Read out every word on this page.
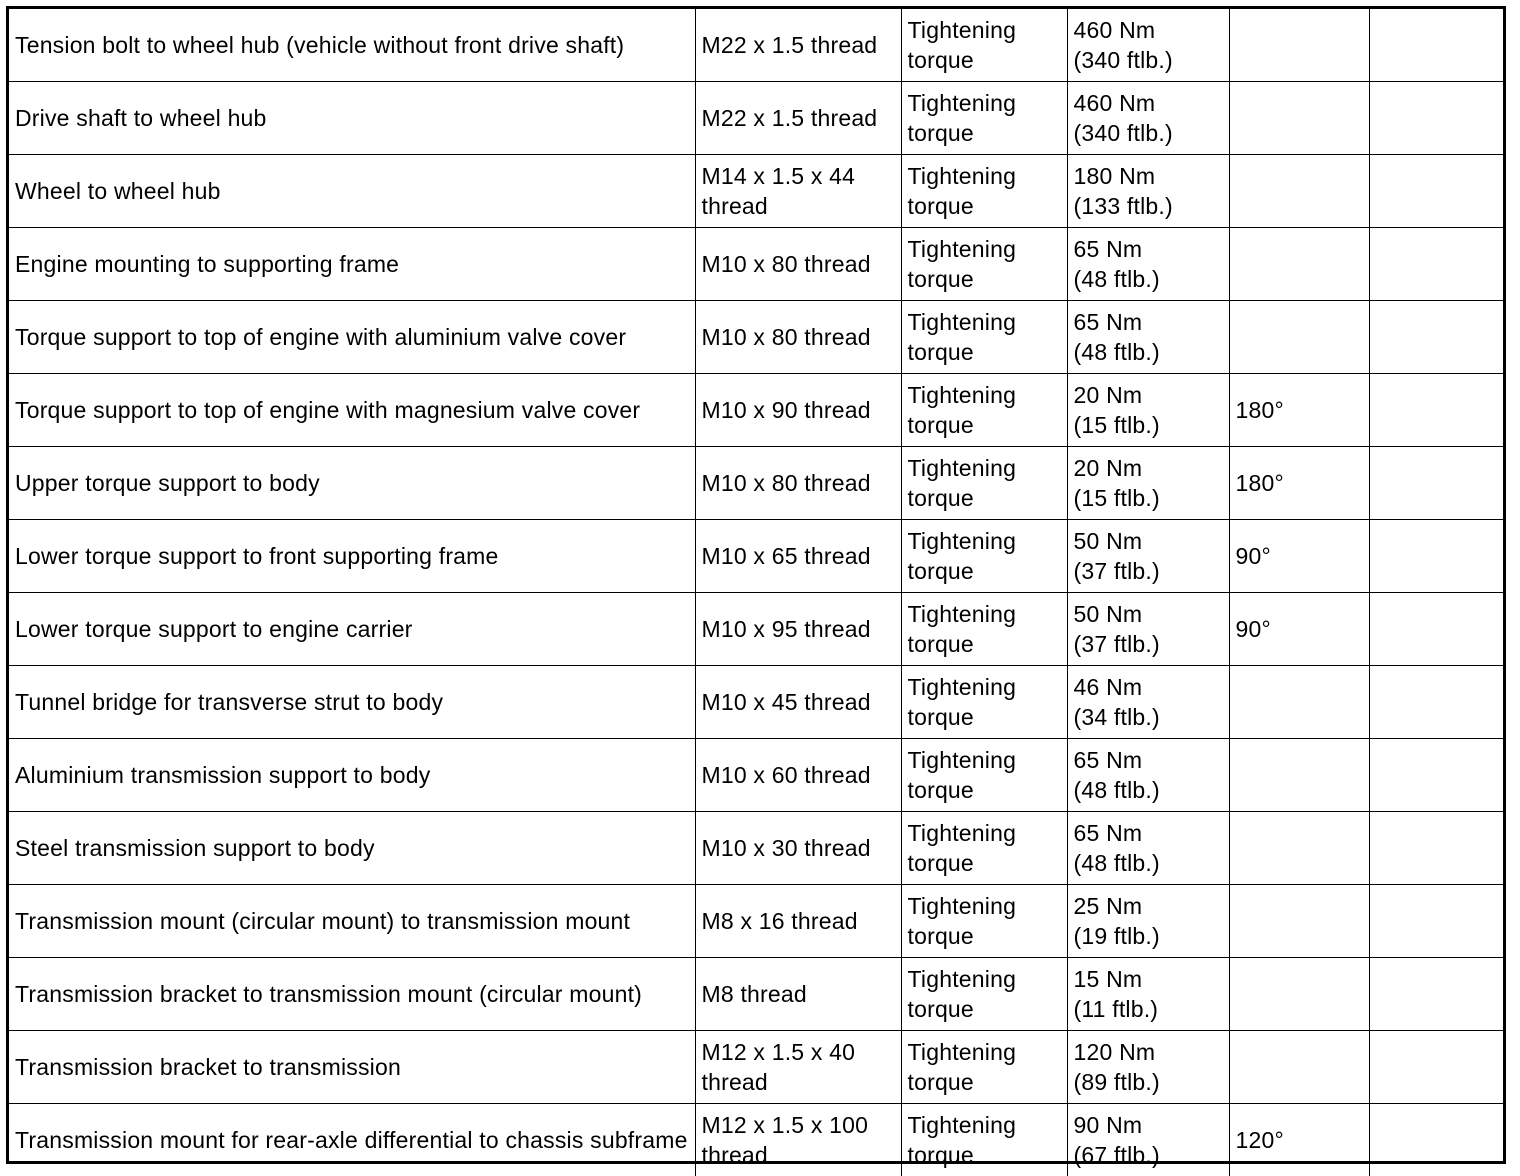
Tension bolt to wheel hub (vehicle without front drive shaft)	M22 x 1.5 thread	Tightening
torque	460 Nm
(340 ftlb.)		

Drive shaft to wheel hub	M22 x 1.5 thread	Tightening
torque	460 Nm
(340 ftlb.)		

Wheel to wheel hub	M14 x 1.5 x 44 thread	Tightening
torque	180 Nm
(133 ftlb.)		

Engine mounting to supporting frame	M10 x 80 thread	Tightening
torque	65 Nm
(48 ftlb.)		

Torque support to top of engine with aluminium valve cover	M10 x 80 thread	Tightening
torque	65 Nm
(48 ftlb.)		

Torque support to top of engine with magnesium valve cover	M10 x 90 thread	Tightening
torque	20 Nm
(15 ftlb.)	180°	

Upper torque support to body	M10 x 80 thread	Tightening
torque	20 Nm
(15 ftlb.)	180°	

Lower torque support to front supporting frame	M10 x 65 thread	Tightening
torque	50 Nm
(37 ftlb.)	90°	

Lower torque support to engine carrier	M10 x 95 thread	Tightening
torque	50 Nm
(37 ftlb.)	90°	

Tunnel bridge for transverse strut to body	M10 x 45 thread	Tightening
torque	46 Nm
(34 ftlb.)		

Aluminium transmission support to body	M10 x 60 thread	Tightening
torque	65 Nm
(48 ftlb.)		

Steel transmission support to body	M10 x 30 thread	Tightening
torque	65 Nm
(48 ftlb.)		

Transmission mount (circular mount) to transmission mount	M8 x 16 thread	Tightening
torque	25 Nm
(19 ftlb.)		

Transmission bracket to transmission mount (circular mount)	M8 thread	Tightening
torque	15 Nm
(11 ftlb.)		

Transmission bracket to transmission	M12 x 1.5 x 40 thread	Tightening
torque	120 Nm
(89 ftlb.)		

Transmission mount for rear-axle differential to chassis subframe	M12 x 1.5 x 100 thread	Tightening
torque	90 Nm
(67 ftlb.)	120°	
